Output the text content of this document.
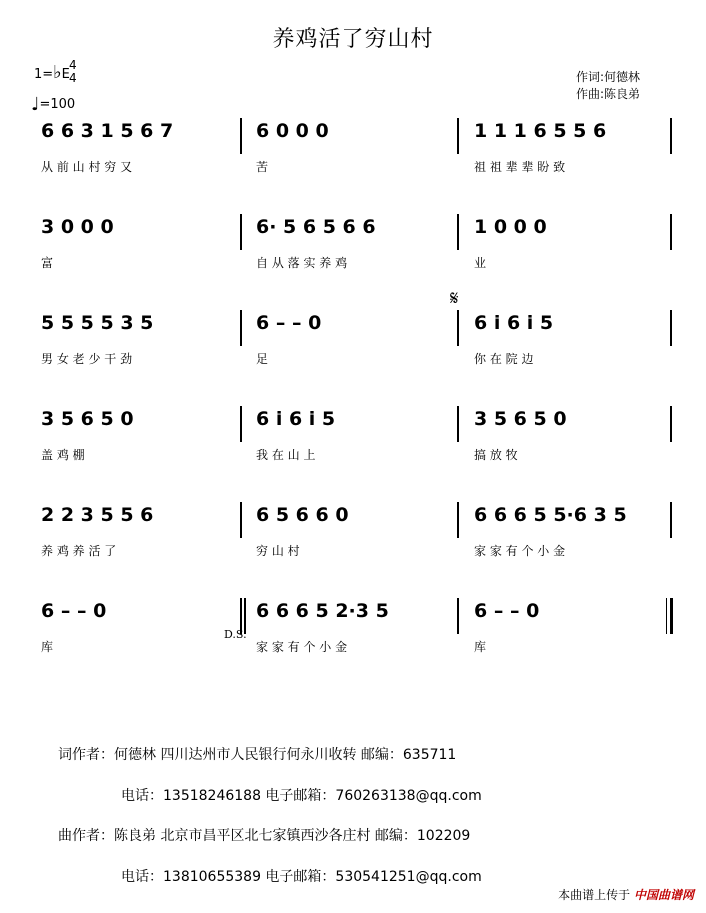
养鸡活了穷山村
1=♭E
4
4
♩=100
作词:何德林
作曲:陈良弟
6 6 3 1 5 6 7
从 前 山 村 穷 又
6 0 0 0
苦
1 1 1 6 5 5 6
祖 祖 辈 辈 盼 致
3 0 0 0
富
6· 5 6 5 6 6
自 从 落 实 养 鸡
1 0 0 0
业
5 5 5 5 3 5
男 女 老 少 干 劲
6 – – 0
足
6 i 6 i 5
你 在 院 边
3 5 6 5 0
盖 鸡 棚
6 i 6 i 5
我 在 山 上
3 5 6 5 0
搞 放 牧
2 2 3 5 5 6
养 鸡 养 活 了
6 5 6 6 0
穷 山 村
6 6 6 5 5·6 3 5
家 家 有 个 小 金
6 – – 0
库
6 6 6 5 2·3 5
家 家 有 个 小 金
6 – – 0
库
𝄋
D.S.
词作者：何德林 四川达州市人民银行何永川收转 邮编：635711
电话：13518246188 电子邮箱：760263138@qq.com
曲作者：陈良弟 北京市昌平区北七家镇西沙各庄村 邮编：102209
电话：13810655389 电子邮箱：530541251@qq.com
本曲谱上传于 中国曲谱网
